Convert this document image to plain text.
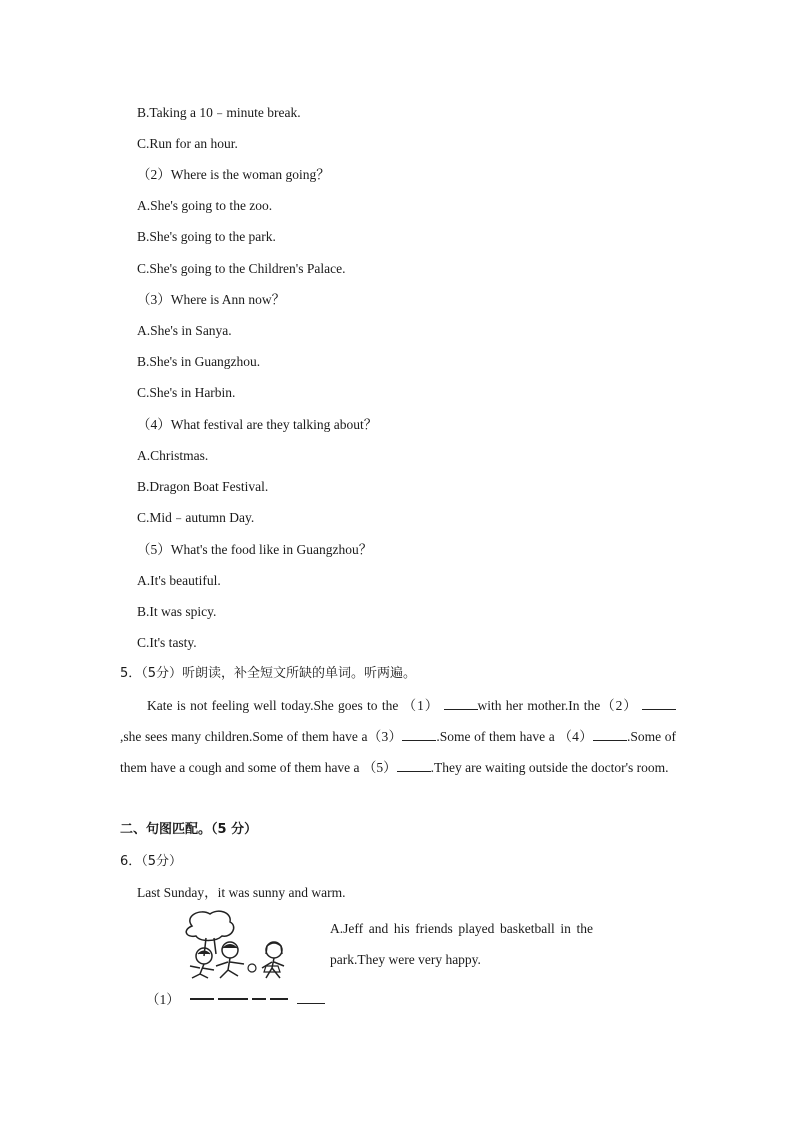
B.Taking a 10﹣minute break.
C.Run for an hour.
（2）Where is the woman going？
A.She's going to the zoo.
B.She's going to the park.
C.She's going to the Children's Palace.
（3）Where is Ann now？
A.She's in Sanya.
B.She's in Guangzhou.
C.She's in Harbin.
（4）What festival are they talking about？
A.Christmas.
B.Dragon Boat Festival.
C.Mid﹣autumn Day.
（5）What's the food like in Guangzhou？
A.It's beautiful.
B.It was spicy.
C.It's tasty.
5．（5分）听朗读，补全短文所缺的单词。听两遍。
Kate is not feeling well today.She goes to the （1）	with her mother.In the（2）  ,she sees many children.Some of them have a（3）	.Some of them have a （4）	.Some of them have a cough and some of them have a （5）	.They are waiting outside the doctor's room.
二、句图匹配。（5 分）
6．（5分）
Last Sunday，it was sunny and warm.
A.Jeff and his friends played basketball in the park.They were very happy.
（1）
